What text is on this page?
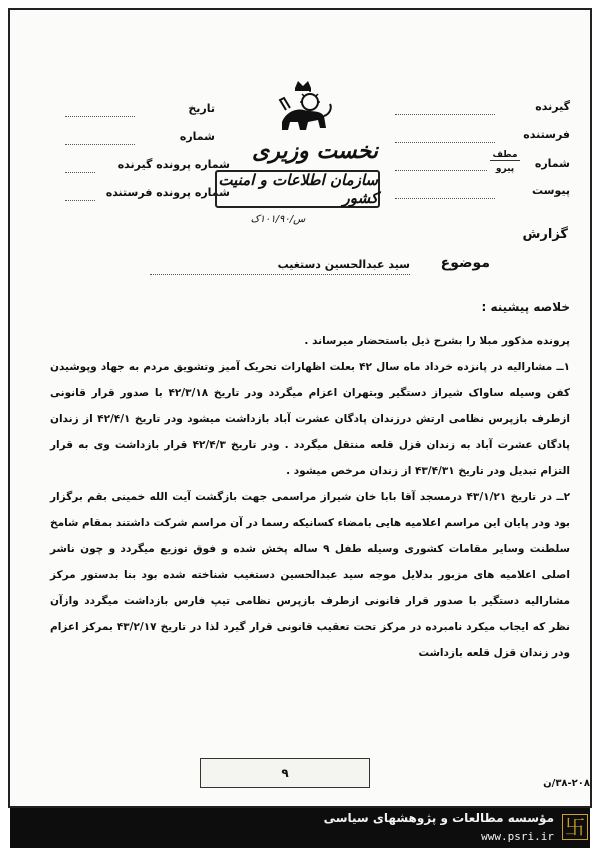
گیرنده
فرستنده
شماره
مطف
پیرو
پیوست
تاریخ
شماره
شماره پرونده گیرنده
شماره پرونده فرستنده
نخست وزیری
سازمان اطلاعات و امنیت کشور
س/۱۰۱/۹۰ک
گزارش
موضوع
سید عبدالحسین دستغیب
خلاصه پیشینه :

پرونده مذکور مبلا را بشرح ذیل باستحضار میرساند .

۱ــ مشارالیه در پانزده خرداد ماه سال ۴۲ بعلت اظهارات تحریک آمیز وتشویق مردم به جهاد وپوشیدن کفن وسیله ساواک شیراز دستگیر وبتهران اعزام میگردد ودر تاریخ ۴۲/۳/۱۸ با صدور قرار قانونی ازطرف بازپرس نظامی ارتش درزندان پادگان عشرت آباد بازداشت میشود ودر تاریخ ۴۲/۴/۱ از زندان پادگان عشرت آباد به زندان قزل قلعه منتقل میگردد . ودر تاریخ ۴۲/۴/۳ قرار بازداشت وی به قرار التزام تبدیل ودر تاریخ ۴۳/۴/۳۱ از زندان مرخص میشود .

۲ــ در تاریخ ۴۳/۱/۲۱ درمسجد آقا بابا خان شیراز مراسمی جهت بازگشت آیت الله خمینی بقم برگزار بود ودر پایان این مراسم اعلامیه هایی بامضاء کسانیکه رسما در آن مراسم شرکت داشتند بمقام شامخ سلطنت وسایر مقامات کشوری وسیله طفل ۹ ساله پخش شده و فوق توزیع میگردد و چون ناشر اصلی اعلامیه های مزبور بدلایل موجه سید عبدالحسین دستغیب شناخته شده بود بنا بدستور مرکز مشارالیه دستگیر با صدور قرار قانونی ازطرف بازپرس نظامی تیپ فارس بازداشت میگردد وازآن نظر که ایجاب میکرد نامبرده در مرکز تحت تعقیب قانونی قرار گیرد لذا در تاریخ ۴۳/۲/۱۷ بمرکز اعزام ودر زندان قزل قلعه بازداشت

۹
۳۸-۲۰۸/ن
卐
مؤسسه مطالعات و پژوهشهای سیاسی
www.psri.ir
